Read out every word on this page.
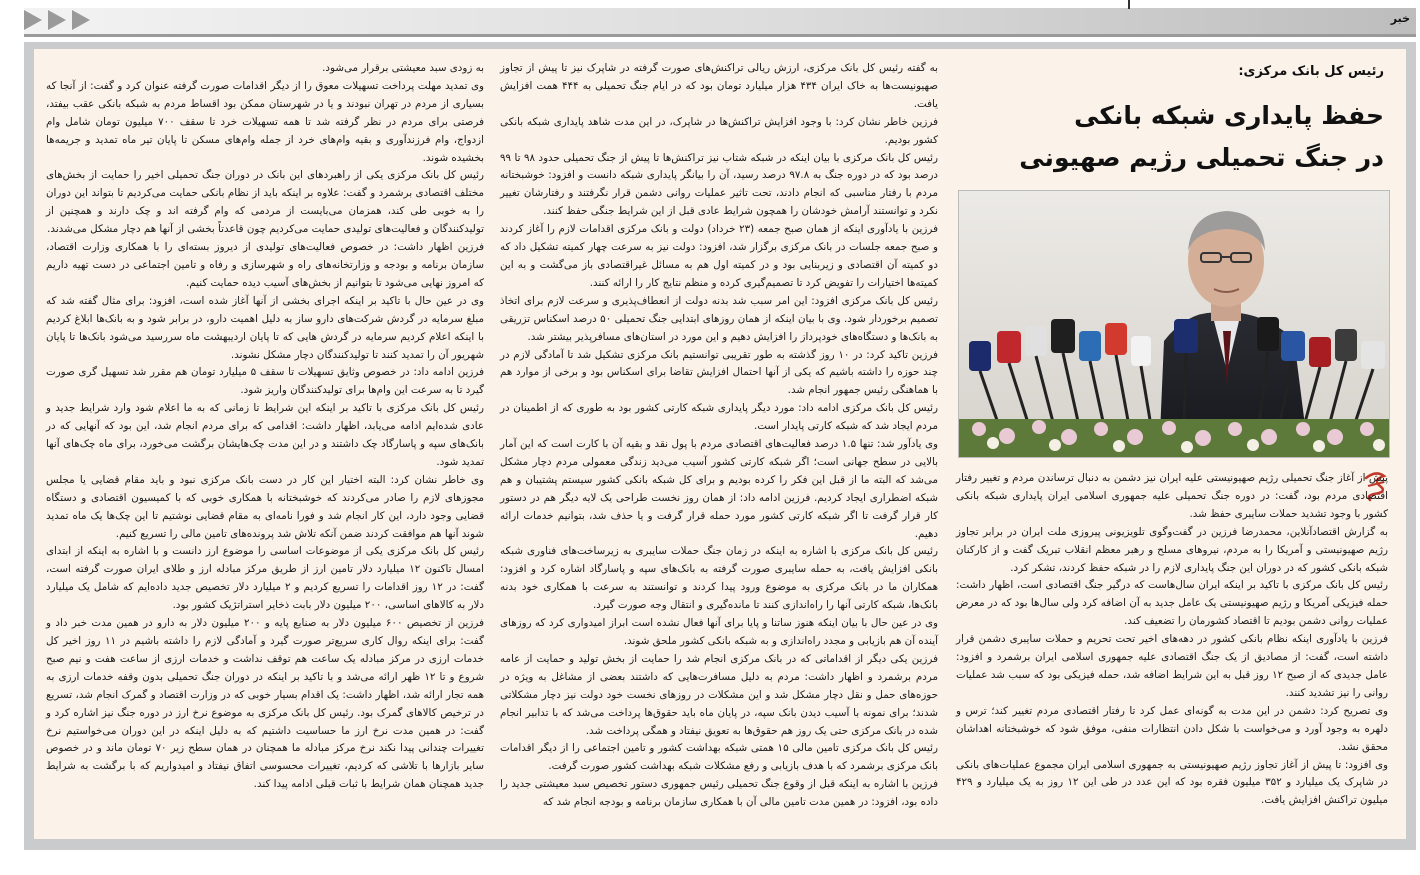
خبر
رئیس کل بانک مرکزی:
حفظ پایداری شبکه بانکی
در جنگ تحمیلی رژیم صهیونی

پیش از آغاز جنگ تحمیلی رژیم صهیونیستی علیه ایران نیز دشمن به دنبال ترساندن مردم و تغییر رفتار اقتصادی مردم بود، گفت: در دوره جنگ تحمیلی علیه جمهوری اسلامی ایران پایداری شبکه بانکی کشور با وجود تشدید حملات سایبری حفظ شد.

به گزارش اقتصادآنلاین، محمدرضا فرزین در گفت‌وگوی تلویزیونی پیروزی ملت ایران در برابر تجاوز رژیم صهیونیستی و آمریکا را به مردم، نیروهای مسلح و رهبر معظم انقلاب تبریک گفت و از کارکنان شبکه بانکی کشور که در دوران این جنگ پایداری لازم را در شبکه حفظ کردند، تشکر کرد.

رئیس کل بانک مرکزی با تاکید بر اینکه ایران سال‌هاست که درگیر جنگ اقتصادی است، اظهار داشت: حمله فیزیکی آمریکا و رژیم صهیونیستی یک عامل جدید به آن اضافه کرد ولی سال‌ها بود که در معرض عملیات روانی دشمن بودیم تا اقتصاد کشورمان را تضعیف کند.

فرزین با یادآوری اینکه نظام بانکی کشور در دهه‌های اخیر تحت تحریم و حملات سایبری دشمن قرار داشته است، گفت: از مصادیق از یک جنگ اقتصادی علیه جمهوری اسلامی ایران برشمرد و افزود: عامل جدیدی که از صبح ۱۲ روز قبل به این شرایط اضافه شد، حمله فیزیکی بود که سبب شد عملیات روانی را نیز تشدید کنند.

وی تصریح کرد: دشمن در این مدت به گونه‌ای عمل کرد تا رفتار اقتصادی مردم تغییر کند؛ ترس و دلهره به وجود آورد و می‌خواست با شکل دادن انتظارات منفی، موفق شود که خوشبختانه اهداشان محقق نشد.

وی افزود: تا پیش از آغاز تجاوز رژیم صهیونیستی به جمهوری اسلامی ایران مجموع عملیات‌های بانکی در شاپرک یک میلیارد و ۳۵۲ میلیون فقره بود که این عدد در طی این ۱۲ روز به یک میلیارد و ۴۲۹ میلیون تراکنش افزایش یافت.

به گفته رئیس کل بانک مرکزی، ارزش ریالی تراکنش‌های صورت گرفته در شاپرک نیز تا پیش از تجاوز صهیونیست‌ها به خاک ایران ۴۳۴ هزار میلیارد تومان بود که در ایام جنگ تحمیلی به ۴۴۴ همت افزایش یافت.

فرزین خاطر نشان کرد: با وجود افزایش تراکنش‌ها در شاپرک، در این مدت شاهد پایداری شبکه بانکی کشور بودیم.

رئیس کل بانک مرکزی با بیان اینکه در شبکه شتاب نیز تراکنش‌ها تا پیش از جنگ تحمیلی حدود ۹۸ تا ۹۹ درصد بود که در دوره جنگ به ۹۷.۸ درصد رسید، آن را بیانگر پایداری شبکه دانست و افزود: خوشبختانه مردم با رفتار مناسبی که انجام دادند، تحت تاثیر عملیات روانی دشمن قرار نگرفتند و رفتارشان تغییر نکرد و توانستند آرامش خودشان را همچون شرایط عادی قبل از این شرایط جنگی حفظ کنند.

فرزین با یادآوری اینکه از همان صبح جمعه (۲۳ خرداد) دولت و بانک مرکزی اقدامات لازم را آغاز کردند و صبح جمعه جلسات در بانک مرکزی برگزار شد، افزود: دولت نیز به سرعت چهار کمیته تشکیل داد که دو کمیته آن اقتصادی و زیربنایی بود و در کمیته اول هم به مسائل غیراقتصادی باز می‌گشت و به این کمیته‌ها اختیارات را تفویض کرد تا تصمیم‌گیری کرده و منظم نتایج کار را ارائه کنند.

رئیس کل بانک مرکزی افزود: این امر سبب شد بدنه دولت از انعطاف‌پذیری و سرعت لازم برای اتخاذ تصمیم برخوردار شود. وی با بیان اینکه از همان روزهای ابتدایی جنگ تحمیلی ۵۰ درصد اسکناس تزریقی به بانک‌ها و دستگاه‌های خودپرداز را افزایش دهیم و این مورد در استان‌های مسافرپذیر بیشتر شد.

فرزین تاکید کرد: در ۱۰ روز گذشته به طور تقریبی توانستیم بانک مرکزی تشکیل شد تا آمادگی لازم در چند حوزه را داشته باشیم که یکی از آنها احتمال افزایش تقاضا برای اسکناس بود و برخی از موارد هم با هماهنگی رئیس جمهور انجام شد.

رئیس کل بانک مرکزی ادامه داد: مورد دیگر پایداری شبکه کارتی کشور بود به طوری که از اطمینان در مردم ایجاد شد که شبکه کارتی پایدار است.

وی یادآور شد: تنها ۱.۵ درصد فعالیت‌های اقتصادی مردم با پول نقد و بقیه آن با کارت است که این آمار بالایی در سطح جهانی است؛ اگر شبکه کارتی کشور آسیب می‌دید زندگی معمولی مردم دچار مشکل می‌شد که البته ما از قبل این فکر را کرده بودیم و برای کل شبکه بانکی کشور سیستم پشتیبان و هم شبکه اضطراری ایجاد کردیم. فرزین ادامه داد: از همان روز نخست طراحی یک لایه دیگر هم در دستور کار قرار گرفت تا اگر شبکه کارتی کشور مورد حمله قرار گرفت و یا حذف شد، بتوانیم خدمات ارائه دهیم.

رئیس کل بانک مرکزی با اشاره به اینکه در زمان جنگ حملات سایبری به زیرساخت‌های فناوری شبکه بانکی افزایش یافت، به حمله سایبری صورت گرفته به بانک‌های سپه و پاسارگاد اشاره کرد و افزود: همکاران ما در بانک مرکزی به موضوع ورود پیدا کردند و توانستند به سرعت با همکاری خود بدنه بانک‌ها، شبکه کارتی آنها را راه‌اندازی کنند تا مانده‌گیری و انتقال وجه صورت گیرد.

وی در عین حال با بیان اینکه هنوز ساتنا و پایا برای آنها فعال نشده است ابراز امیدواری کرد که روزهای آینده آن هم بازیابی و مجدد راه‌اندازی و به شبکه بانکی کشور ملحق شوند.

فرزین یکی دیگر از اقداماتی که در بانک مرکزی انجام شد را حمایت از بخش تولید و حمایت از عامه مردم برشمرد و اظهار داشت: مردم به دلیل مسافرت‌هایی که داشتند بعضی از مشاغل به ویژه در حوزه‌های حمل و نقل دچار مشکل شد و این مشکلات در روزهای نخست خود دولت نیز دچار مشکلاتی شدند؛ برای نمونه با آسیب دیدن بانک سپه، در پایان ماه باید حقوق‌ها پرداخت می‌شد که با تدابیر انجام شده در بانک مرکزی حتی یک روز هم حقوق‌ها به تعویق نیفتاد و همگی پرداخت شد.

رئیس کل بانک مرکزی تامین مالی ۱۵ همتی شبکه بهداشت کشور و تامین اجتماعی را از دیگر اقدامات بانک مرکزی برشمرد که با هدف بازیابی و رفع مشکلات شبکه بهداشت کشور صورت گرفت.

فرزین با اشاره به اینکه قبل از وقوع جنگ تحمیلی رئیس جمهوری دستور تخصیص سبد معیشتی جدید را داده بود، افزود: در همین مدت تامین مالی آن با همکاری سازمان برنامه و بودجه انجام شد که

به زودی سبد معیشتی برقرار می‌شود.

وی تمدید مهلت پرداخت تسهیلات معوق را از دیگر اقدامات صورت گرفته عنوان کرد و گفت: از آنجا که بسیاری از مردم در تهران نبودند و یا در شهرستان ممکن بود اقساط مردم به شبکه بانکی عقب بیفتد، فرصتی برای مردم در نظر گرفته شد تا همه تسهیلات خرد تا سقف ۷۰۰ میلیون تومان شامل وام ازدواج، وام فرزندآوری و بقیه وام‌های خرد از جمله وام‌های مسکن تا پایان تیر ماه تمدید و جریمه‌ها بخشیده شوند.

رئیس کل بانک مرکزی یکی از راهبردهای این بانک در دوران جنگ تحمیلی اخیر را حمایت از بخش‌های مختلف اقتصادی برشمرد و گفت: علاوه بر اینکه باید از نظام بانکی حمایت می‌کردیم تا بتواند این دوران را به خوبی طی کند، همزمان می‌بایست از مردمی که وام گرفته اند و چک دارند و همچنین از تولیدکنندگان و فعالیت‌های تولیدی حمایت می‌کردیم چون قاعدتاً بخشی از آنها هم دچار مشکل می‌شدند.

فرزین اظهار داشت: در خصوص فعالیت‌های تولیدی از دیروز بسته‌ای را با همکاری وزارت اقتصاد، سازمان برنامه و بودجه و وزارتخانه‌های راه و شهرسازی و رفاه و تامین اجتماعی در دست تهیه داریم که امروز نهایی می‌شود تا بتوانیم از بخش‌های آسیب دیده حمایت کنیم.

وی در عین حال با تاکید بر اینکه اجرای بخشی از آنها آغاز شده است، افزود: برای مثال گفته شد که مبلغ سرمایه در گردش شرکت‌های دارو ساز به دلیل اهمیت دارو، در برابر شود و به بانک‌ها ابلاغ کردیم با اینکه اعلام کردیم سرمایه در گردش هایی که تا پایان اردیبهشت ماه سررسید می‌شود بانک‌ها تا پایان شهریور آن را تمدید کنند تا تولیدکنندگان دچار مشکل نشوند.

فرزین ادامه داد: در خصوص وثایق تسهیلات تا سقف ۵ میلیارد تومان هم مقرر شد تسهیل گری صورت گیرد تا به سرعت این وام‌ها برای تولیدکنندگان واریز شود.

رئیس کل بانک مرکزی با تاکید بر اینکه این شرایط تا زمانی که به ما اعلام شود وارد شرایط جدید و عادی شده‌ایم ادامه می‌یابد، اظهار داشت: اقدامی که برای مردم انجام شد، این بود که آنهایی که در بانک‌های سپه و پاسارگاد چک داشتند و در این مدت چک‌هایشان برگشت می‌خورد، برای ماه چک‌های آنها تمدید شود.

وی خاطر نشان کرد: البته اختیار این کار در دست بانک مرکزی نبود و باید مقام قضایی یا مجلس مجوزهای لازم را صادر می‌کردند که خوشبختانه با همکاری خوبی که با کمیسیون اقتصادی و دستگاه قضایی وجود دارد، این کار انجام شد و فورا نامه‌ای به مقام قضایی نوشتیم تا این چک‌ها یک ماه تمدید شوند آنها هم موافقت کردند ضمن آنکه تلاش شد پرونده‌های تامین مالی را تسریع کنیم.

رئیس کل بانک مرکزی یکی از موضوعات اساسی را موضوع ارز دانست و با اشاره به اینکه از ابتدای امسال تاکنون ۱۲ میلیارد دلار تامین ارز از طریق مرکز مبادله ارز و طلای ایران صورت گرفته است، گفت: در ۱۲ روز اقدامات را تسریع کردیم و ۲ میلیارد دلار تخصیص جدید داده‌ایم که شامل یک میلیارد دلار به کالاهای اساسی، ۲۰۰ میلیون دلار بابت ذخایر استراتژیک کشور بود.

فرزین از تخصیص ۶۰۰ میلیون دلار به صنایع پایه و ۲۰۰ میلیون دلار به دارو در همین مدت خبر داد و گفت: برای اینکه روال کاری سریع‌تر صورت گیرد و آمادگی لازم را داشته باشیم در ۱۱ روز اخیر کل خدمات ارزی در مرکز مبادله یک ساعت هم توقف نداشت و خدمات ارزی از ساعت هفت و نیم صبح شروع و تا ۱۲ ظهر ارائه می‌شد و با تاکید بر اینکه در دوران جنگ تحمیلی بدون وقفه خدمات ارزی به همه تجار ارائه شد، اظهار داشت: یک اقدام بسیار خوبی که در وزارت اقتصاد و گمرک انجام شد، تسریع در ترخیص کالاهای گمرک بود. رئیس کل بانک مرکزی به موضوع نرخ ارز در دوره جنگ نیز اشاره کرد و گفت: در همین مدت نرخ ارز ما حساسیت داشتیم که به دلیل اینکه در این دوران می‌خواستیم نرخ تغییرات چندانی پیدا نکند نرخ مرکز مبادله ما همچنان در همان سطح زیر ۷۰ تومان ماند و در خصوص سایر بازارها با تلاشی که کردیم، تغییرات محسوسی اتفاق نیفتاد و امیدواریم که با برگشت به شرایط جدید همچنان همان شرایط با ثبات قبلی ادامه پیدا کند.
